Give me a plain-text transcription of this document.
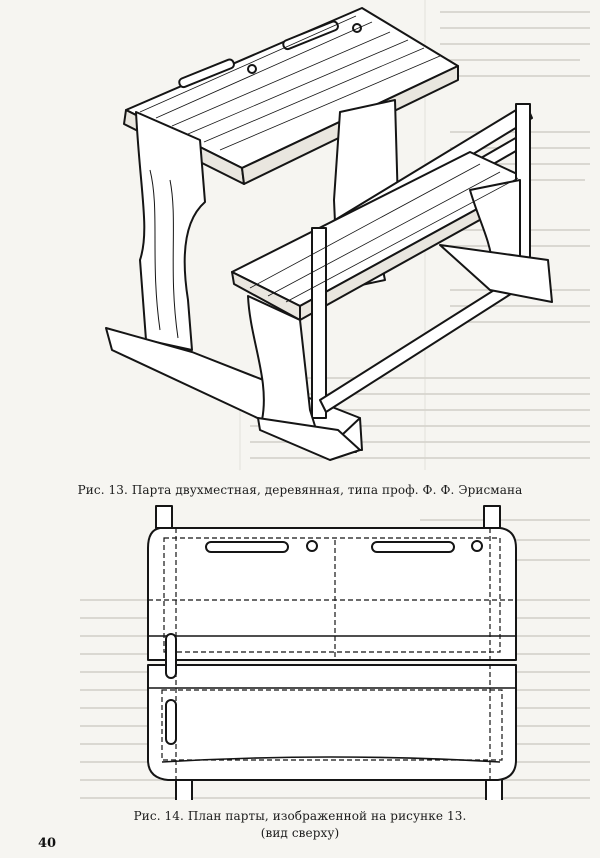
Рис. 13. Парта двухместная, деревянная, типа проф. Ф. Ф. Эрисмана
Рис. 14. План парты, изображенной на рисунке 13.
(вид сверху)
40
